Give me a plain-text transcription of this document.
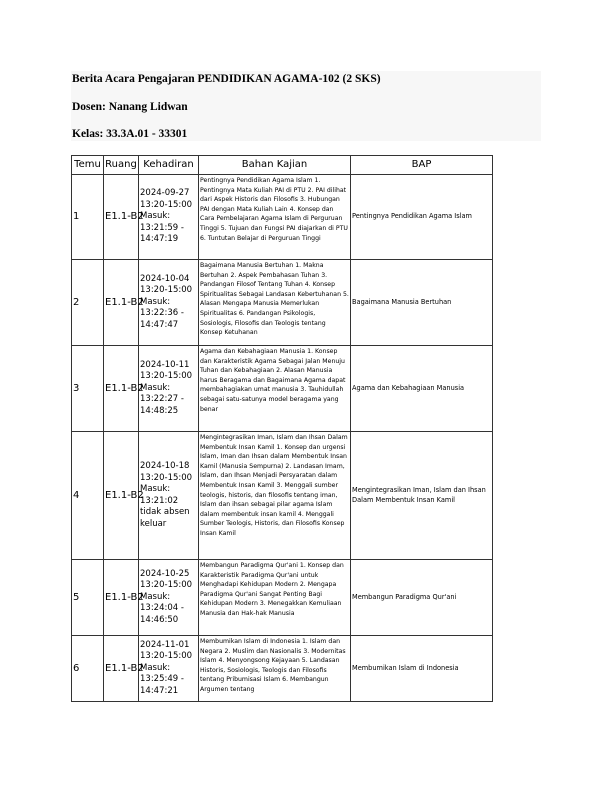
Berita Acara Pengajaran PENDIDIKAN AGAMA-102 (2 SKS)
Dosen: Nanang Lidwan
Kelas: 33.3A.01 - 33301
Temu	Ruang	Kehadiran	Bahan Kajian	BAP
1	E1.1-B2	2024-09-27 13:20-15:00 Masuk: 13:21:59 - 14:47:19	Pentingnya Pendidikan Agama Islam 1. Pentingnya Mata Kuliah PAI di PTU 2. PAI dilihat dari Aspek Historis dan Filosofis 3. Hubungan PAI dengan Mata Kuliah Lain 4. Konsep dan Cara Pembelajaran Agama Islam di Perguruan Tinggi 5. Tujuan dan Fungsi PAI diajarkan di PTU 6. Tuntutan Belajar di Perguruan Tinggi	Pentingnya Pendidikan Agama Islam
2	E1.1-B2	2024-10-04 13:20-15:00 Masuk: 13:22:36 - 14:47:47	Bagaimana Manusia Bertuhan 1. Makna Bertuhan 2. Aspek Pembahasan Tuhan 3. Pandangan Filosof Tentang Tuhan 4. Konsep Spiritualitas Sebagai Landasan Kebertuhanan 5. Alasan Mengapa Manusia Memerlukan Spiritualitas 6. Pandangan Psikologis, Sosiologis, Filosofis dan Teologis tentang Konsep Ketuhanan	Bagaimana Manusia Bertuhan
3	E1.1-B2	2024-10-11 13:20-15:00 Masuk: 13:22:27 - 14:48:25	Agama dan Kebahagiaan Manusia 1. Konsep dan Karakteristik Agama Sebagai Jalan Menuju Tuhan dan Kebahagiaan 2. Alasan Manusia harus Beragama dan Bagaimana Agama dapat membahagiakan umat manusia 3. Tauhidullah sebagai satu-satunya model beragama yang benar	Agama dan Kebahagiaan Manusia
4	E1.1-B2	2024-10-18 13:20-15:00 Masuk: 13:21:02 tidak absen keluar	Mengintegrasikan Iman, Islam dan Ihsan Dalam Membentuk Insan Kamil 1. Konsep dan urgensi Islam, Iman dan Ihsan dalam Membentuk Insan Kamil (Manusia Sempurna) 2. Landasan Imam, Islam, dan Ihsan Menjadi Persyaratan dalam Membentuk Insan Kamil 3. Menggali sumber teologis, historis, dan filosofis tentang iman, Islam dan ihsan sebagai pilar agama Islam dalam membentuk insan kamil 4. Menggali Sumber Teologis, Historis, dan Filosofis Konsep Insan Kamil	Mengintegrasikan Iman, Islam dan Ihsan Dalam Membentuk Insan Kamil
5	E1.1-B2	2024-10-25 13:20-15:00 Masuk: 13:24:04 - 14:46:50	Membangun Paradigma Qur'ani 1. Konsep dan Karakteristik Paradigma Qur'ani untuk Menghadapi Kehidupan Modern 2. Mengapa Paradigma Qur'ani Sangat Penting Bagi Kehidupan Modern 3. Menegakkan Kemuliaan Manusia dan Hak-hak Manusia	Membangun Paradigma Qur'ani
6	E1.1-B2	2024-11-01 13:20-15:00 Masuk: 13:25:49 - 14:47:21	Membumikan Islam di Indonesia 1. Islam dan Negara 2. Muslim dan Nasionalis 3. Modernitas Islam 4. Menyongsong Kejayaan 5. Landasan Historis, Sosiologis, Teologis dan Filosofis tentang Pribumisasi Islam 6. Membangun Argumen tentang	Membumikan Islam di Indonesia
